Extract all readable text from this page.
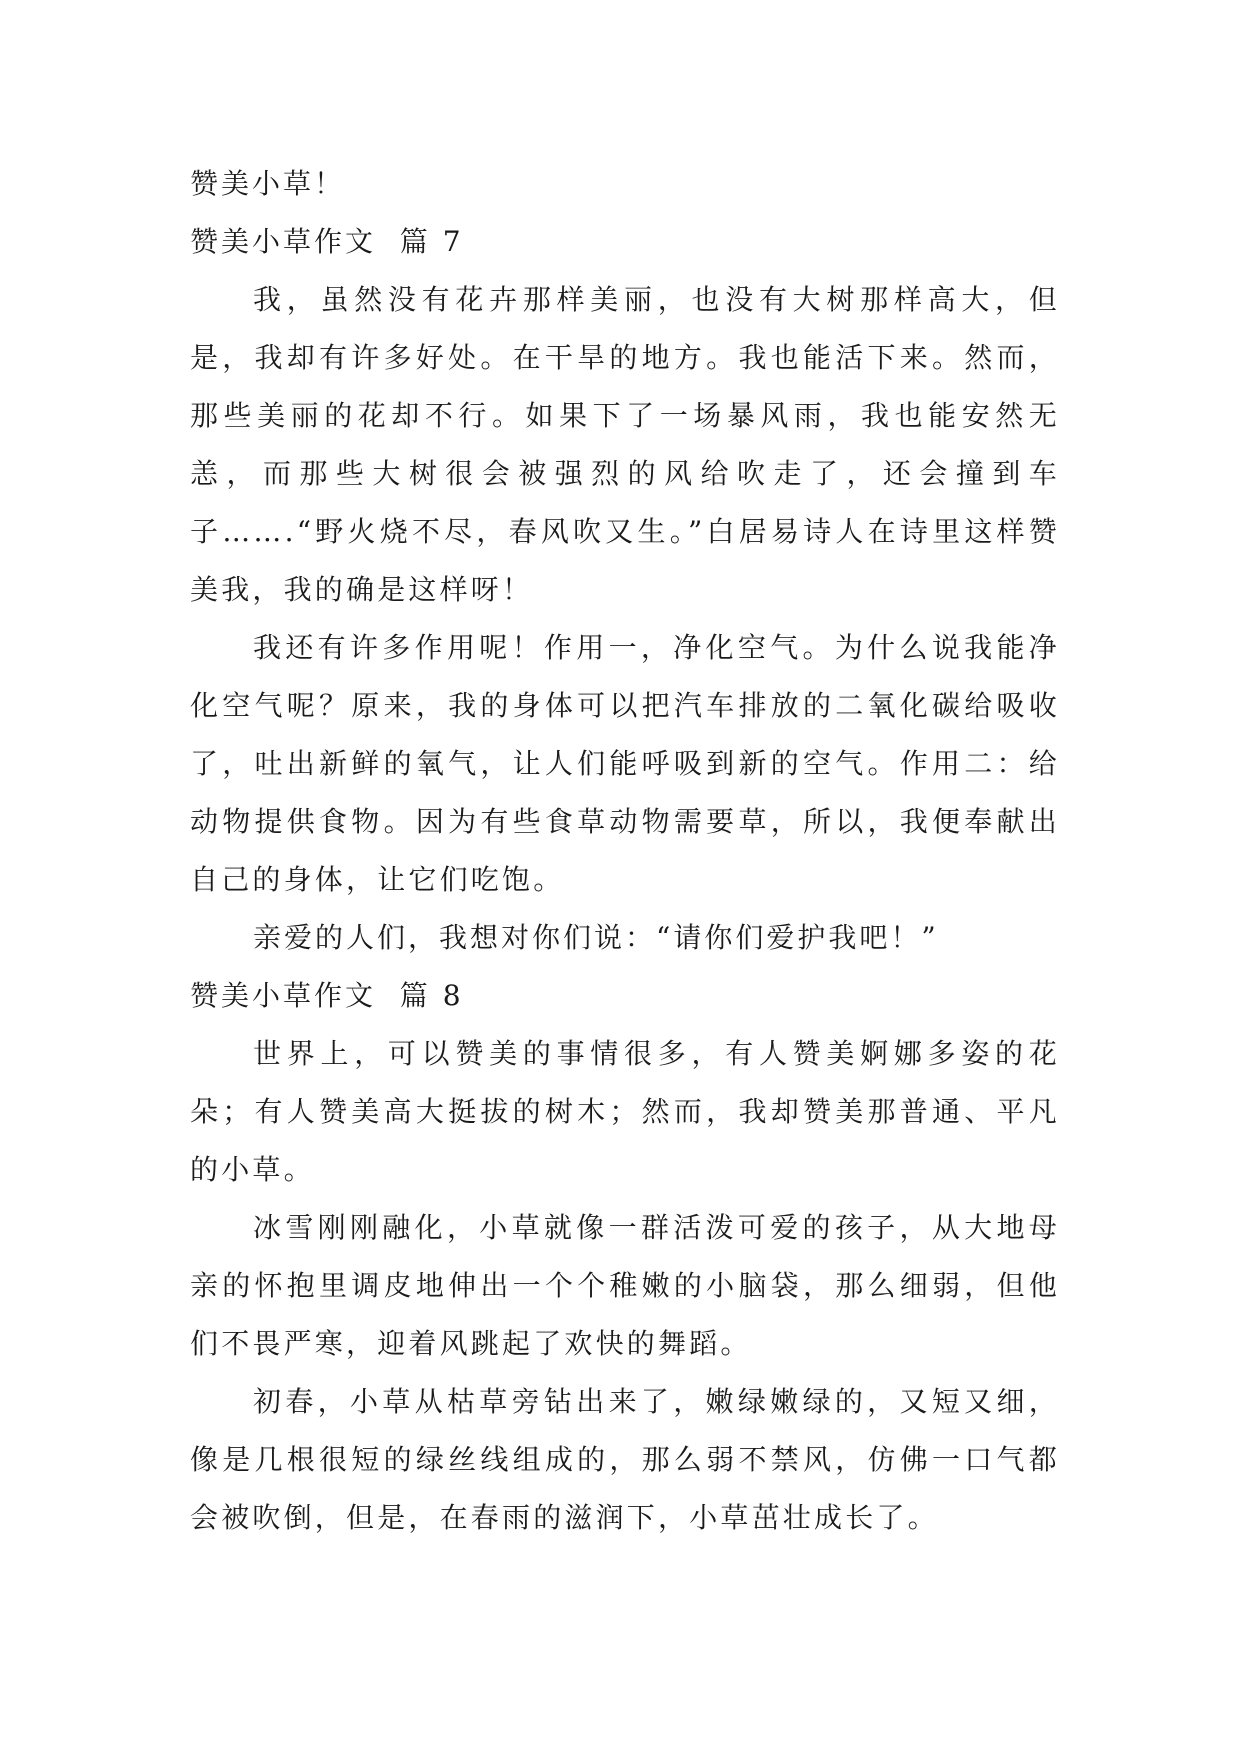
赞美小草！
赞美小草作文  篇 7

我，虽然没有花卉那样美丽，也没有大树那样高大，但是，我却有许多好处。在干旱的地方。我也能活下来。然而，那些美丽的花却不行。如果下了一场暴风雨，我也能安然无恙，而那些大树很会被强烈的风给吹走了，还会撞到车子…….“野火烧不尽，春风吹又生。”白居易诗人在诗里这样赞美我，我的确是这样呀！

我还有许多作用呢！作用一，净化空气。为什么说我能净化空气呢？原来，我的身体可以把汽车排放的二氧化碳给吸收了，吐出新鲜的氧气，让人们能呼吸到新的空气。作用二：给动物提供食物。因为有些食草动物需要草，所以，我便奉献出自己的身体，让它们吃饱。

亲爱的人们，我想对你们说：“请你们爱护我吧！”

赞美小草作文  篇 8

世界上，可以赞美的事情很多，有人赞美婀娜多姿的花朵；有人赞美高大挺拔的树木；然而，我却赞美那普通、平凡的小草。

冰雪刚刚融化，小草就像一群活泼可爱的孩子，从大地母亲的怀抱里调皮地伸出一个个稚嫩的小脑袋，那么细弱，但他们不畏严寒，迎着风跳起了欢快的舞蹈。

初春，小草从枯草旁钻出来了，嫩绿嫩绿的，又短又细，像是几根很短的绿丝线组成的，那么弱不禁风，仿佛一口气都会被吹倒，但是，在春雨的滋润下，小草茁壮成长了。
